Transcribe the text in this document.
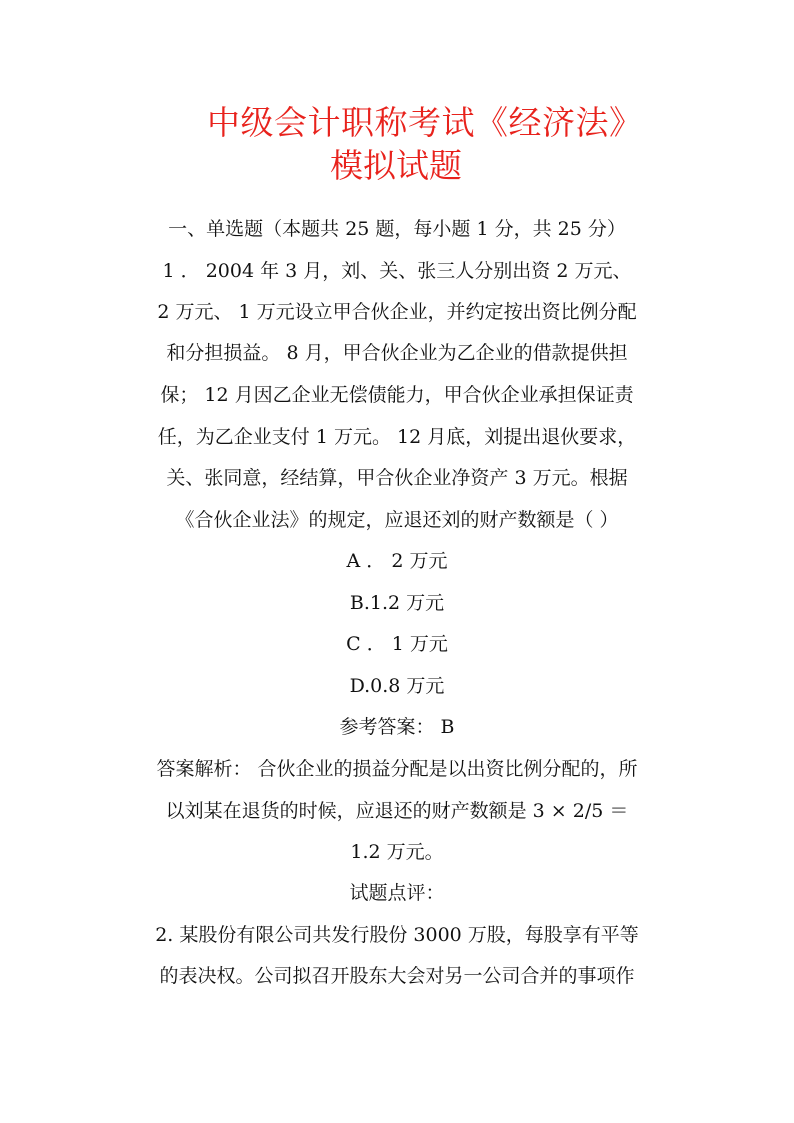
中级会计职称考试《经济法》
模拟试题
一、单选题（本题共 25 题，每小题 1 分，共 25 分）
1 ． 2004 年 3 月，刘、关、张三人分别出资 2 万元、
2 万元、 1 万元设立甲合伙企业，并约定按出资比例分配
和分担损益。 8 月，甲合伙企业为乙企业的借款提供担
保； 12 月因乙企业无偿债能力，甲合伙企业承担保证责
任，为乙企业支付 1 万元。 12 月底，刘提出退伙要求，
关、张同意，经结算，甲合伙企业净资产 3 万元。根据
《合伙企业法》的规定，应退还刘的财产数额是（ ）
A ． 2 万元
B.1.2 万元
C ． 1 万元
D.0.8 万元
参考答案： B
答案解析： 合伙企业的损益分配是以出资比例分配的，所
以刘某在退货的时候，应退还的财产数额是 3 × 2/5 ＝
1.2 万元。
试题点评：
2. 某股份有限公司共发行股份 3000 万股，每股享有平等
的表决权。公司拟召开股东大会对另一公司合并的事项作
